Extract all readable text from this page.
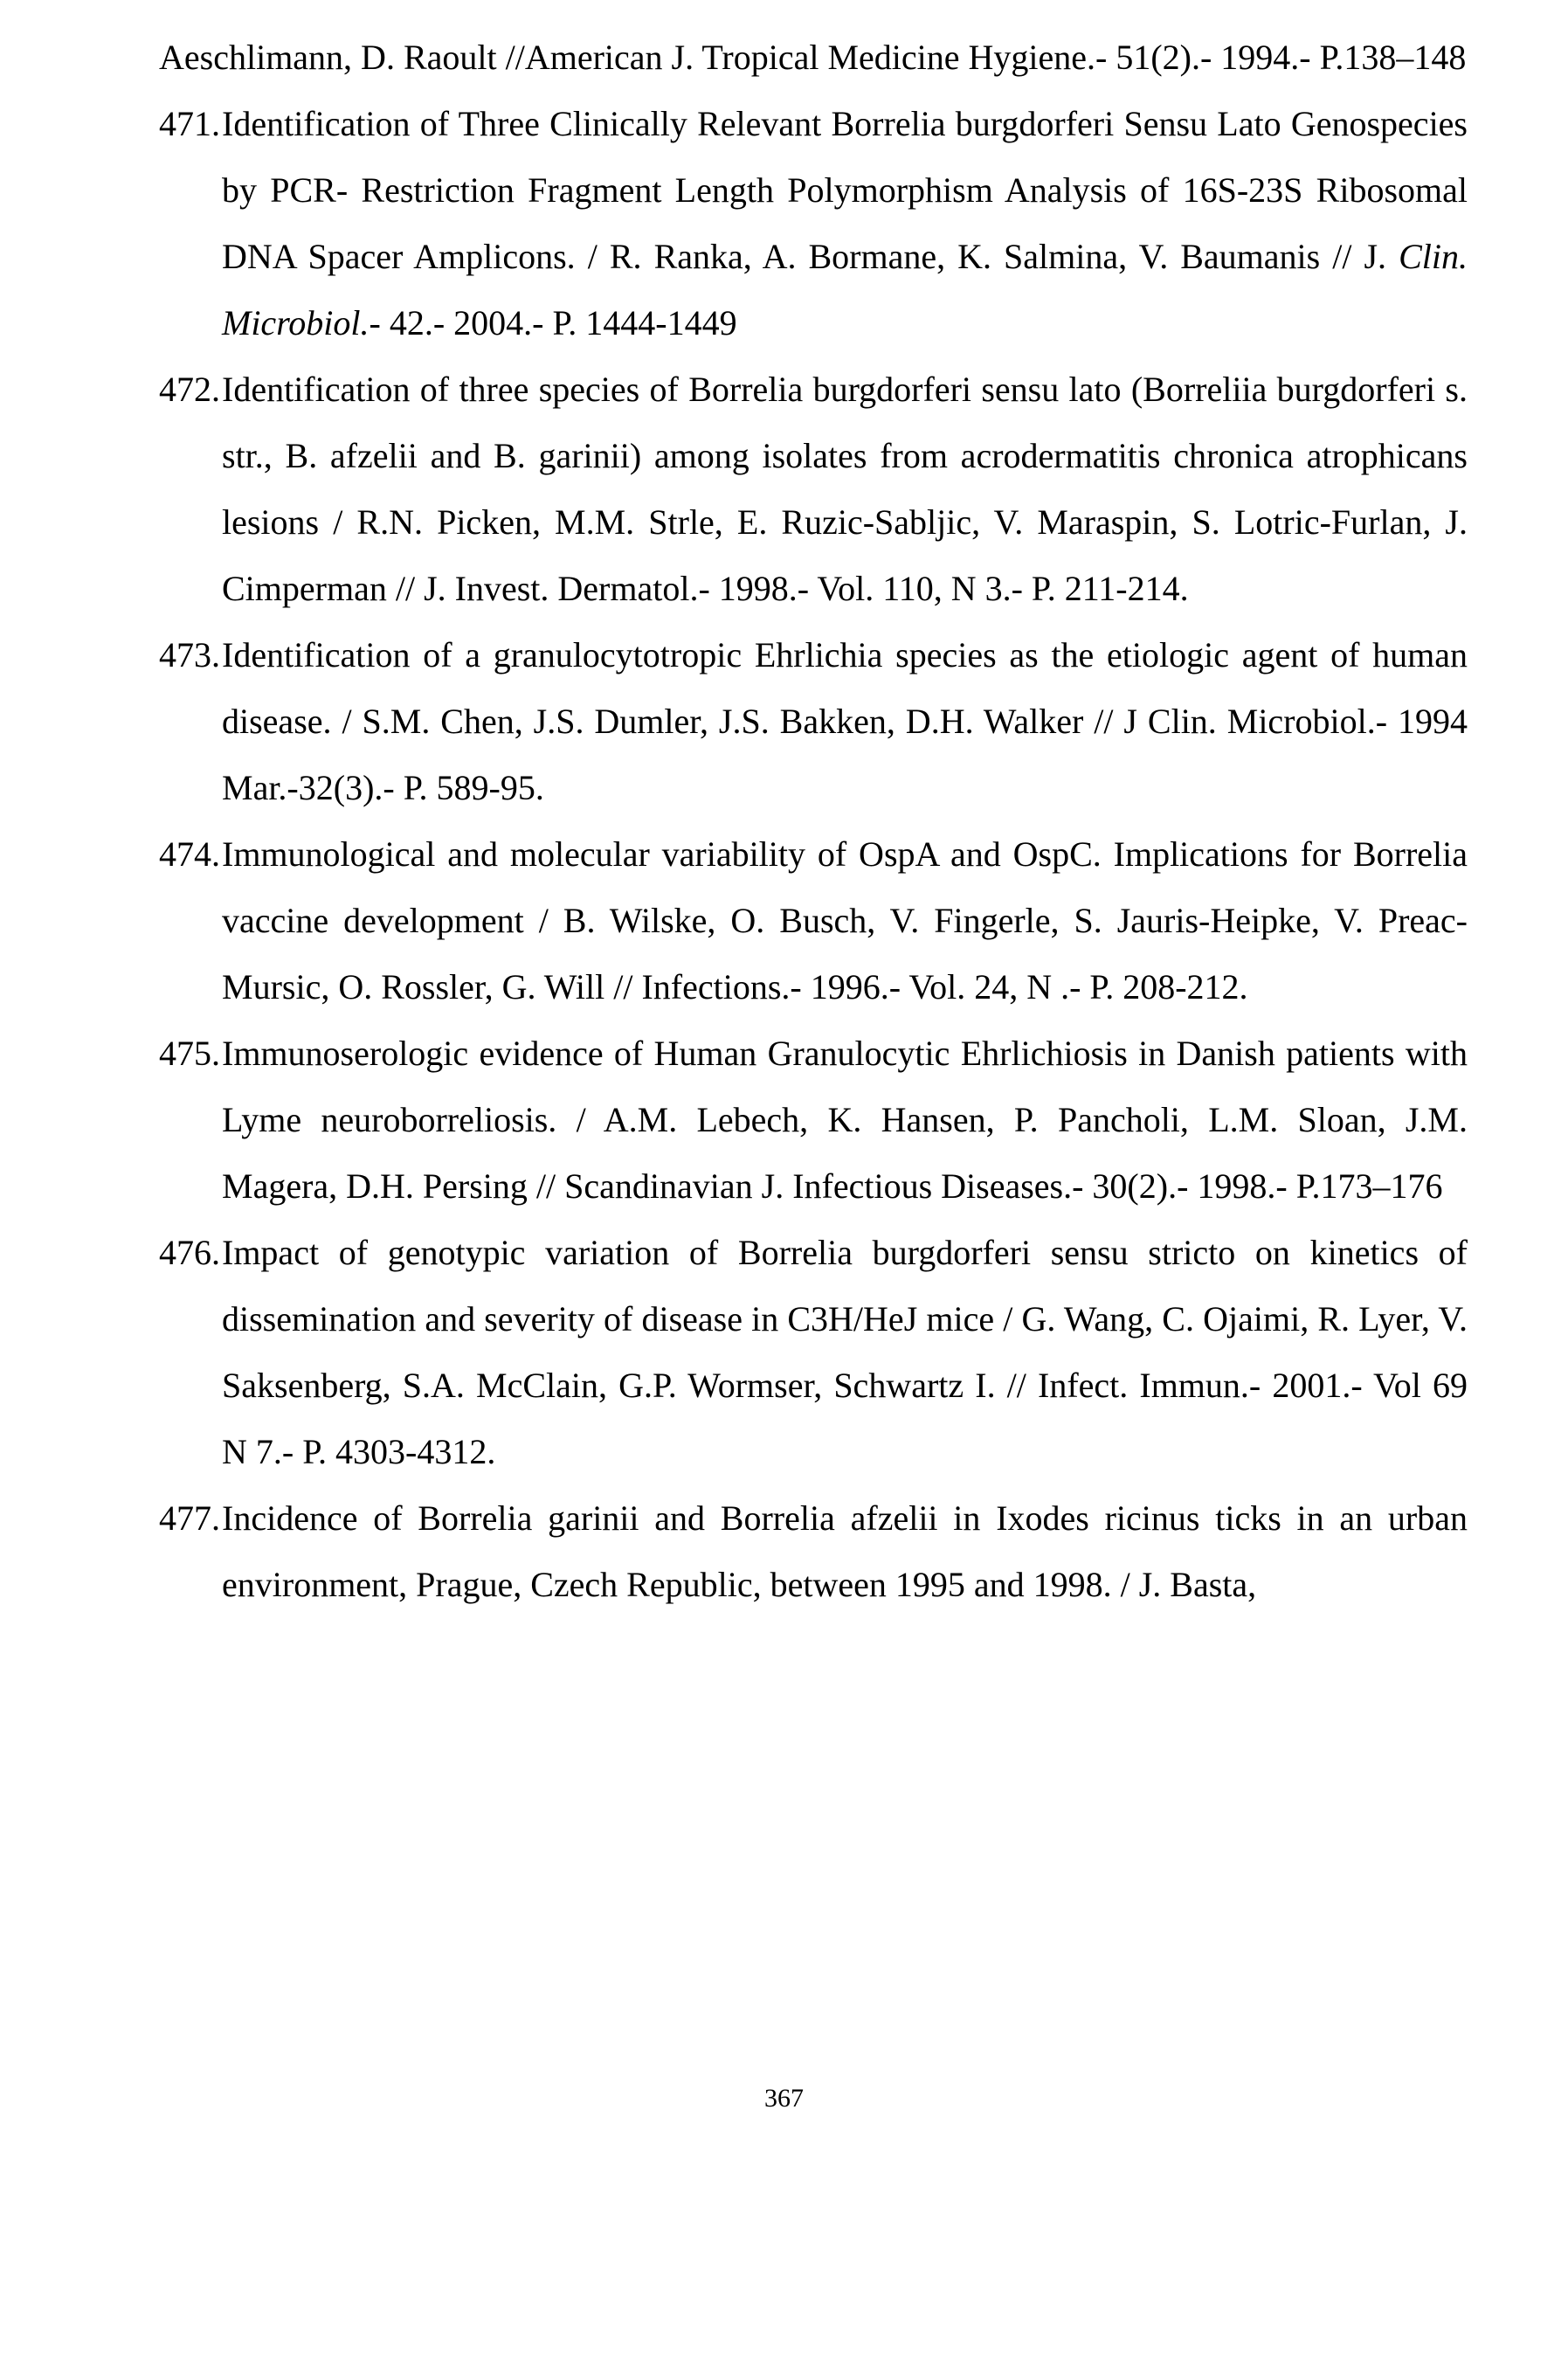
Aeschlimann, D. Raoult //American J. Tropical Medicine Hygiene.- 51(2).- 1994.- P.138–148
471. Identification of Three Clinically Relevant Borrelia burgdorferi Sensu Lato Genospecies by PCR- Restriction Fragment Length Polymorphism Analysis of 16S-23S Ribosomal DNA Spacer Amplicons. / R. Ranka, A. Bormane, K. Salmina, V. Baumanis // J. Clin. Microbiol.- 42.- 2004.- P. 1444-1449
472. Identification of three species of Borrelia burgdorferi sensu lato (Borreliia burgdorferi s. str., B. afzelii and B. garinii) among isolates from acrodermatitis chronica atrophicans lesions / R.N. Picken, M.M. Strle, E. Ruzic-Sabljic, V. Maraspin, S. Lotric-Furlan, J. Cimperman // J. Invest. Dermatol.- 1998.- Vol. 110, N 3.- P. 211-214.
473. Identification of a granulocytotropic Ehrlichia species as the etiologic agent of human disease. / S.M. Chen, J.S. Dumler, J.S. Bakken, D.H. Walker // J Clin. Microbiol.- 1994 Mar.-32(3).- P. 589-95.
474. Immunological and molecular variability of OspA and OspC. Implications for Borrelia vaccine development / B. Wilske, O. Busch, V. Fingerle, S. Jauris-Heipke, V. Preac-Mursic, O. Rossler, G. Will // Infections.- 1996.- Vol. 24, N .- P. 208-212.
475. Immunoserologic evidence of Human Granulocytic Ehrlichiosis in Danish patients with Lyme neuroborreliosis. / A.M. Lebech, K. Hansen, P. Pancholi, L.M. Sloan, J.M. Magera, D.H. Persing // Scandinavian J. Infectious Diseases.- 30(2).- 1998.- P.173–176
476. Impact of genotypic variation of Borrelia burgdorferi sensu stricto on kinetics of dissemination and severity of disease in C3H/HeJ mice / G. Wang, C. Ojaimi, R. Lyer, V. Saksenberg, S.A. McClain, G.P. Wormser, Schwartz I. // Infect. Immun.- 2001.- Vol 69 N 7.- P. 4303-4312.
477. Incidence of Borrelia garinii and Borrelia afzelii in Ixodes ricinus ticks in an urban environment, Prague, Czech Republic, between 1995 and 1998. / J. Basta,
367
